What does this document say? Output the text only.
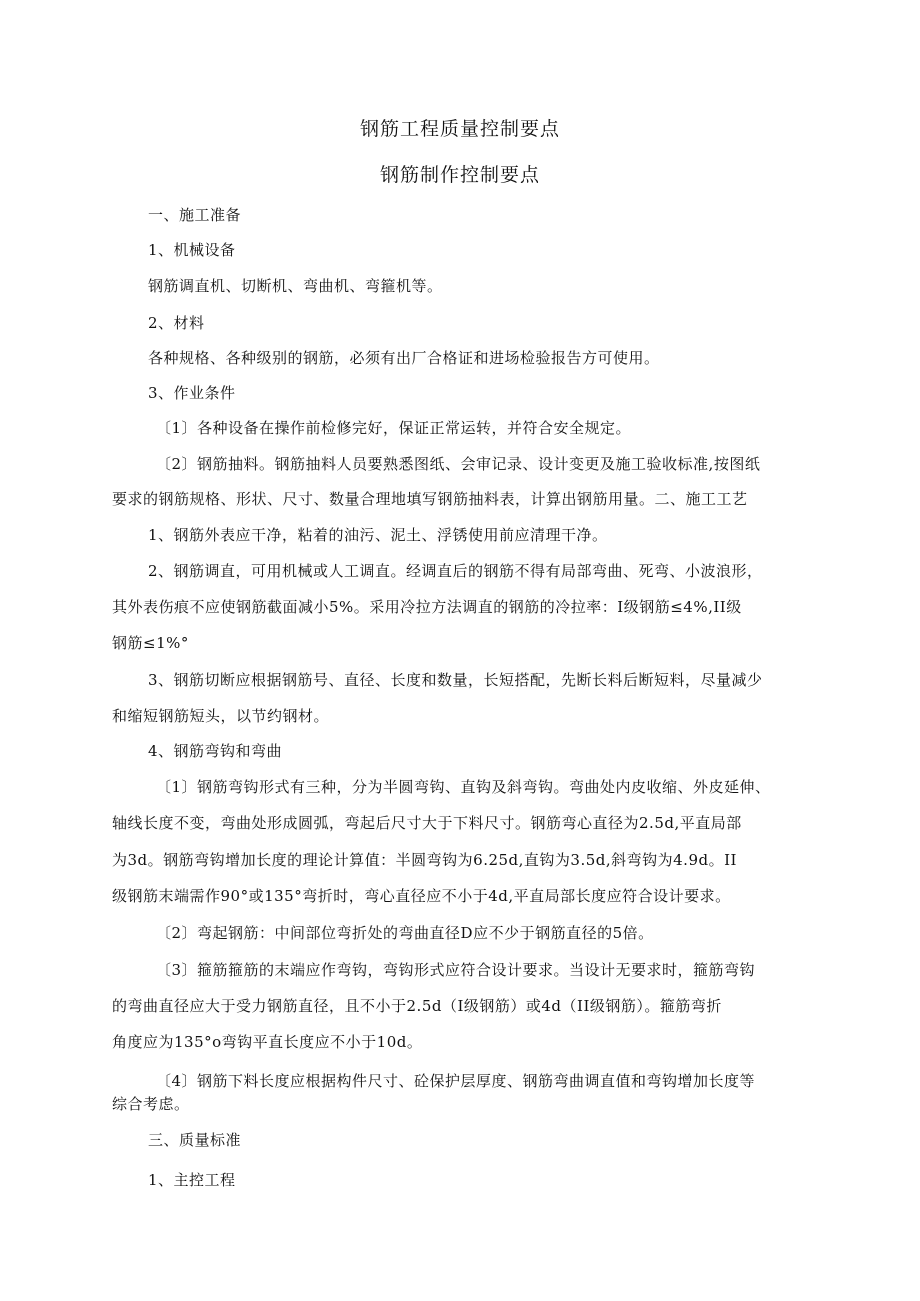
钢筋工程质量控制要点
钢筋制作控制要点
一、施工准备
1、机械设备
钢筋调直机、切断机、弯曲机、弯箍机等。
2、材料
各种规格、各种级别的钢筋，必须有出厂合格证和进场检验报告方可使用。
3、作业条件
〔1〕各种设备在操作前检修完好，保证正常运转，并符合安全规定。
〔2〕钢筋抽料。钢筋抽料人员要熟悉图纸、会审记录、设计变更及施工验收标准,按图纸
要求的钢筋规格、形状、尺寸、数量合理地填写钢筋抽料表，计算出钢筋用量。二、施工工艺
1、钢筋外表应干净，粘着的油污、泥土、浮锈使用前应清理干净。
2、钢筋调直，可用机械或人工调直。经调直后的钢筋不得有局部弯曲、死弯、小波浪形，
其外表伤痕不应使钢筋截面减小5%。采用冷拉方法调直的钢筋的冷拉率：I级钢筋≤4%,II级
钢筋≤1%°
3、钢筋切断应根据钢筋号、直径、长度和数量，长短搭配，先断长料后断短料，尽量减少
和缩短钢筋短头，以节约钢材。
4、钢筋弯钩和弯曲
〔1〕钢筋弯钩形式有三种，分为半圆弯钩、直钩及斜弯钩。弯曲处内皮收缩、外皮延伸、
轴线长度不变，弯曲处形成圆弧，弯起后尺寸大于下料尺寸。钢筋弯心直径为2.5d,平直局部
为3d。钢筋弯钩增加长度的理论计算值：半圆弯钩为6.25d,直钩为3.5d,斜弯钩为4.9d。II
级钢筋末端需作90°或135°弯折时，弯心直径应不小于4d,平直局部长度应符合设计要求。
〔2〕弯起钢筋：中间部位弯折处的弯曲直径D应不少于钢筋直径的5倍。
〔3〕箍筋箍筋的末端应作弯钩，弯钩形式应符合设计要求。当设计无要求时，箍筋弯钩
的弯曲直径应大于受力钢筋直径，且不小于2.5d（I级钢筋）或4d（II级钢筋）。箍筋弯折
角度应为135°o弯钩平直长度应不小于10d。
〔4〕钢筋下料长度应根据构件尺寸、砼保护层厚度、钢筋弯曲调直值和弯钩增加长度等
综合考虑。
三、质量标准
1、主控工程
